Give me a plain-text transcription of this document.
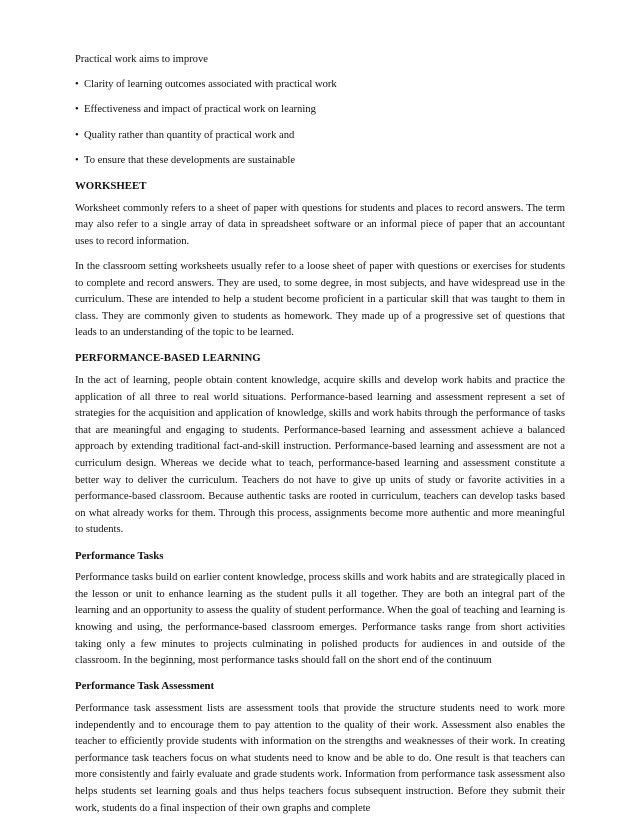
Practical work aims to improve

• Clarity of learning outcomes associated with practical work
• Effectiveness and impact of practical work on learning
• Quality rather than quantity of practical work and
• To ensure that these developments are sustainable

WORKSHEET

Worksheet commonly refers to a sheet of paper with questions for students and places to record answers. The term may also refer to a single array of data in spreadsheet software or an informal piece of paper that an accountant uses to record information.

In the classroom setting worksheets usually refer to a loose sheet of paper with questions or exercises for students to complete and record answers. They are used, to some degree, in most subjects, and have widespread use in the curriculum. These are intended to help a student become proficient in a particular skill that was taught to them in class. They are commonly given to students as homework. They made up of a progressive set of questions that leads to an understanding of the topic to be learned.

PERFORMANCE-BASED LEARNING

In the act of learning, people obtain content knowledge, acquire skills and develop work habits and practice the application of all three to real world situations. Performance-based learning and assessment represent a set of strategies for the acquisition and application of knowledge, skills and work habits through the performance of tasks that are meaningful and engaging to students. Performance-based learning and assessment achieve a balanced approach by extending traditional fact-and-skill instruction. Performance-based learning and assessment are not a curriculum design. Whereas we decide what to teach, performance-based learning and assessment constitute a better way to deliver the curriculum. Teachers do not have to give up units of study or favorite activities in a performance-based classroom. Because authentic tasks are rooted in curriculum, teachers can develop tasks based on what already works for them. Through this process, assignments become more authentic and more meaningful to students.

Performance Tasks

Performance tasks build on earlier content knowledge, process skills and work habits and are strategically placed in the lesson or unit to enhance learning as the student pulls it all together. They are both an integral part of the learning and an opportunity to assess the quality of student performance. When the goal of teaching and learning is knowing and using, the performance-based classroom emerges. Performance tasks range from short activities taking only a few minutes to projects culminating in polished products for audiences in and outside of the classroom. In the beginning, most performance tasks should fall on the short end of the continuum

Performance Task Assessment

Performance task assessment lists are assessment tools that provide the structure students need to work more independently and to encourage them to pay attention to the quality of their work. Assessment also enables the teacher to efficiently provide students with information on the strengths and weaknesses of their work. In creating performance task teachers focus on what students need to know and be able to do. One result is that teachers can more consistently and fairly evaluate and grade students work. Information from performance task assessment also helps students set learning goals and thus helps teachers focus subsequent instruction. Before they submit their work, students do a final inspection of their own graphs and complete
